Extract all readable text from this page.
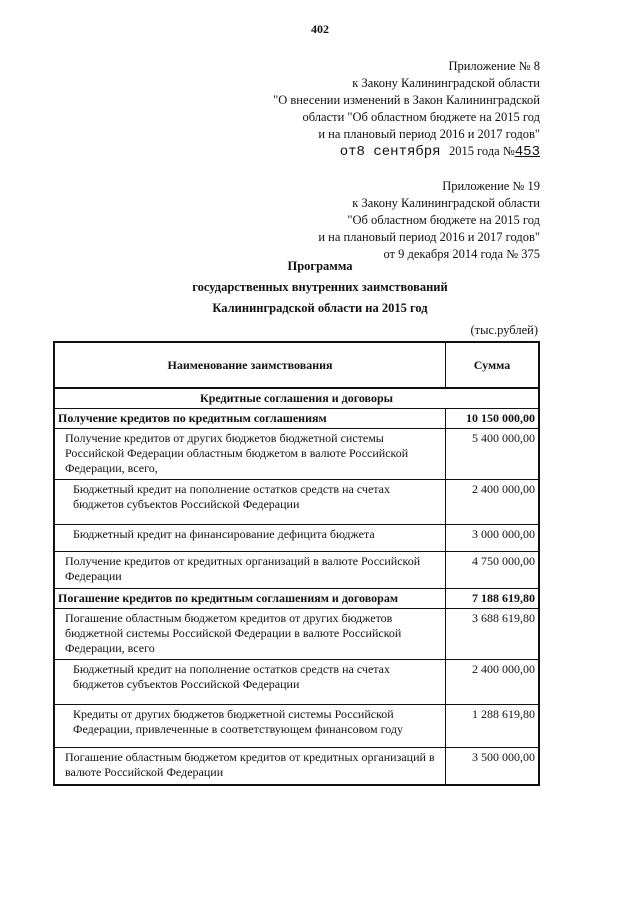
402
Приложение № 8
к Закону Калининградской области
"О внесении изменений в Закон Калининградской
области "Об областном бюджете на 2015 год
и на плановый период 2016 и 2017 годов"
от8 сентября 2015 года №453
Приложение № 19
к Закону Калининградской области
"Об областном бюджете на 2015 год
и на плановый период 2016 и 2017 годов"
от 9 декабря 2014 года № 375
Программа
государственных внутренних заимствований
Калининградской области на 2015 год
(тыс.рублей)
Наименование заимствования	Сумма
Кредитные соглашения и договоры	
Получение кредитов по кредитным соглашениям	10 150 000,00
Получение кредитов от других бюджетов бюджетной системы Российской Федерации областным бюджетом в валюте Российской Федерации, всего,	5 400 000,00
Бюджетный кредит на пополнение остатков средств на счетах бюджетов субъектов Российской Федерации	2 400 000,00
Бюджетный кредит на финансирование дефицита бюджета	3 000 000,00
Получение кредитов от кредитных организаций в валюте Российской Федерации	4 750 000,00
Погашение кредитов по кредитным соглашениям и договорам	7 188 619,80
Погашение областным бюджетом кредитов от других бюджетов бюджетной системы Российской Федерации в валюте Российской Федерации, всего	3 688 619,80
Бюджетный кредит на пополнение остатков средств на счетах бюджетов субъектов Российской Федерации	2 400 000,00
Кредиты от других бюджетов бюджетной системы Российской Федерации, привлеченные в соответствующем финансовом году	1 288 619,80
Погашение областным бюджетом кредитов от кредитных организаций в валюте Российской Федерации	3 500 000,00
